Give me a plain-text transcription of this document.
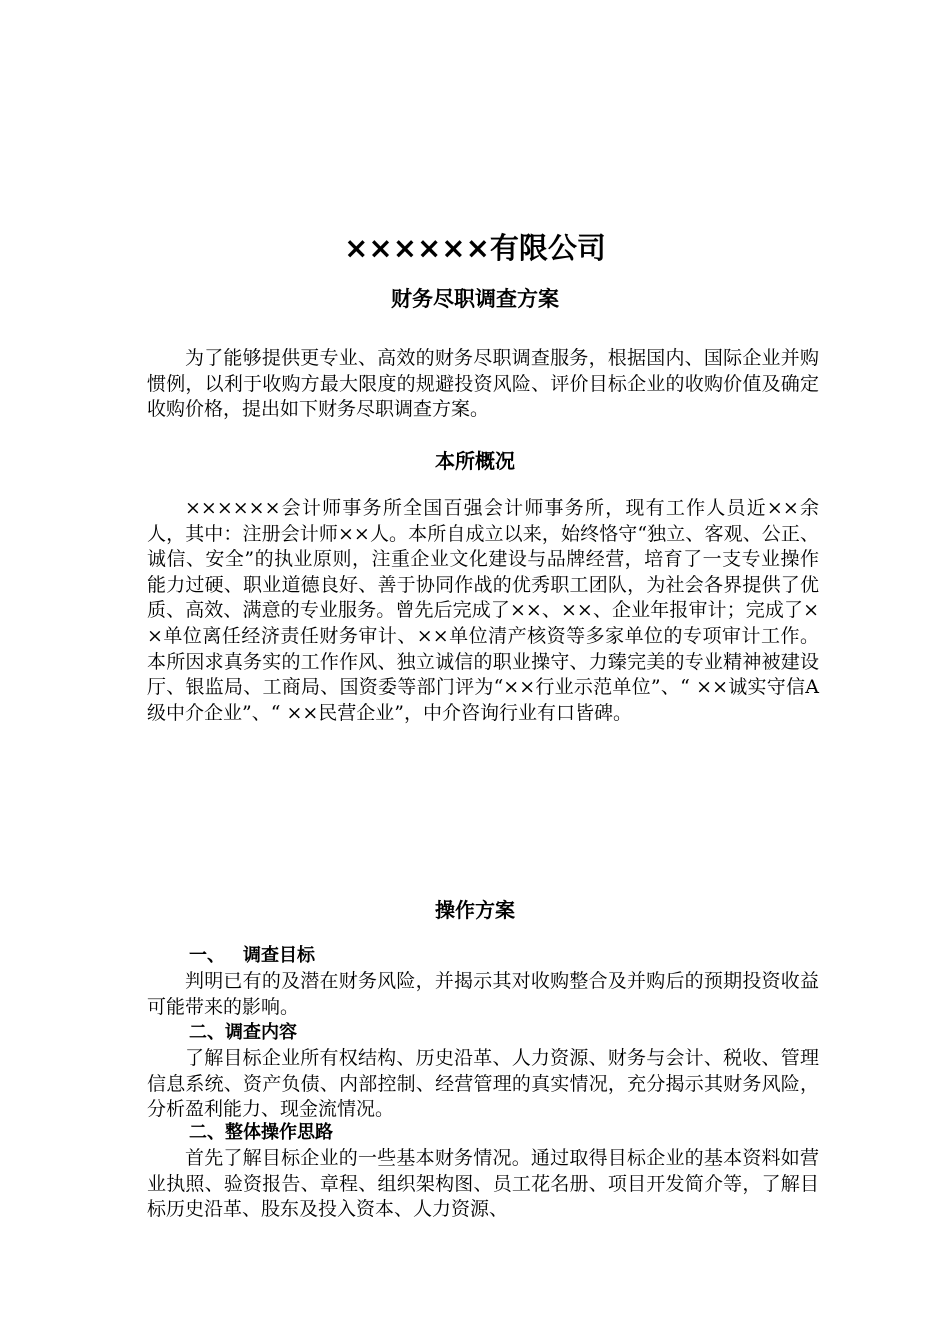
××××××有限公司
财务尽职调查方案

为了能够提供更专业、高效的财务尽职调查服务，根据国内、国际企业并购惯例，以利于收购方最大限度的规避投资风险、评价目标企业的收购价值及确定收购价格，提出如下财务尽职调查方案。

本所概况

××××××会计师事务所全国百强会计师事务所，现有工作人员近××余人，其中：注册会计师××人。本所自成立以来，始终恪守“独立、客观、公正、诚信、安全”的执业原则，注重企业文化建设与品牌经营，培育了一支专业操作能力过硬、职业道德良好、善于协同作战的优秀职工团队，为社会各界提供了优质、高效、满意的专业服务。曾先后完成了××、××、企业年报审计；完成了××单位离任经济责任财务审计、××单位清产核资等多家单位的专项审计工作。本所因求真务实的工作作风、独立诚信的职业操守、力臻完美的专业精神被建设厅、银监局、工商局、国资委等部门评为“××行业示范单位”、“ ××诚实守信A级中介企业”、“ ××民营企业”，中介咨询行业有口皆碑。

操作方案
一、 调查目标

判明已有的及潜在财务风险，并揭示其对收购整合及并购后的预期投资收益可能带来的影响。

二、调查内容

了解目标企业所有权结构、历史沿革、人力资源、财务与会计、税收、管理信息系统、资产负债、内部控制、经营管理的真实情况，充分揭示其财务风险，分析盈利能力、现金流情况。

二、整体操作思路

首先了解目标企业的一些基本财务情况。通过取得目标企业的基本资料如营业执照、验资报告、章程、组织架构图、员工花名册、项目开发简介等，了解目标历史沿革、股东及投入资本、人力资源、
